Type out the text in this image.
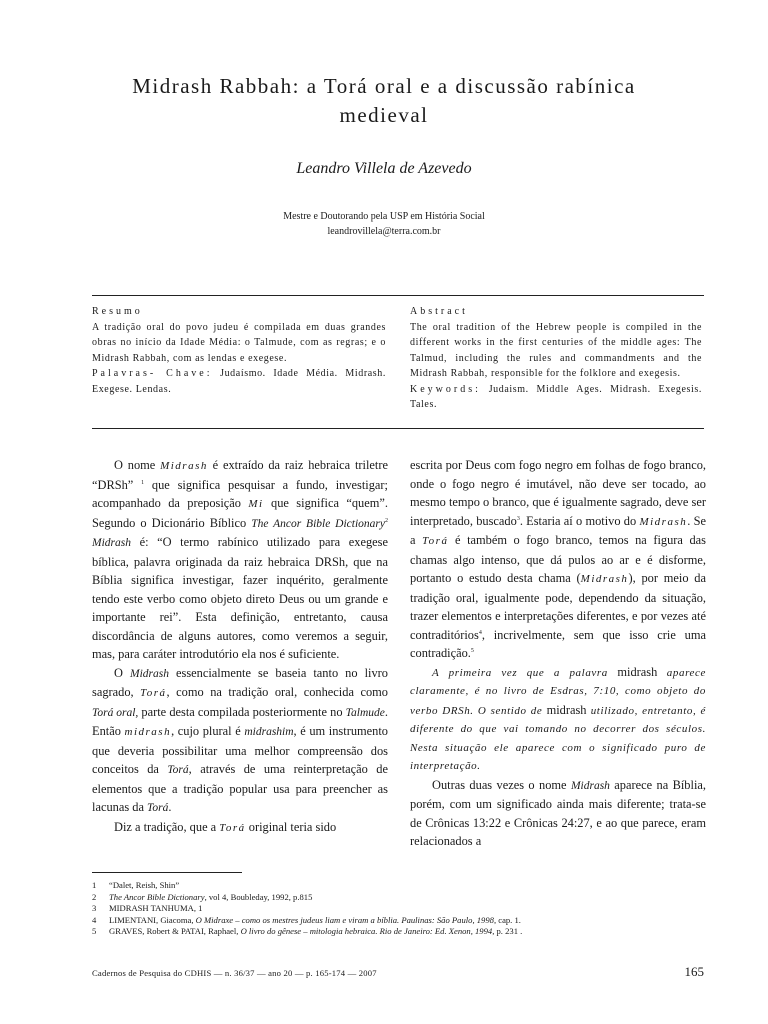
Midrash Rabbah: a Torá oral e a discussão rabínica medieval
Leandro Villela de Azevedo
Mestre e Doutorando pela USP em História Social
leandrovillela@terra.com.br
Resumo
A tradição oral do povo judeu é compilada em duas grandes obras no início da Idade Média: o Talmude, com as regras; e o Midrash Rabbah, com as lendas e exegese.
Palavras- Chave: Judaísmo. Idade Média. Midrash. Exegese. Lendas.
Abstract
The oral tradition of the Hebrew people is compiled in the different works in the first centuries of the middle ages: The Talmud, including the rules and commandments and the Midrash Rabbah, responsible for the folklore and exegesis.
Keywords: Judaism. Middle Ages. Midrash. Exegesis. Tales.

O nome Midrash é extraído da raiz hebraica triletre “DRSh” $^1$ que significa pesquisar a fundo, investigar; acompanhado da preposição Mi que significa “quem”. Segundo o Dicionário Bíblico The Ancor Bible Dictionary$^2$ Midrash é: “O termo rabínico utilizado para exegese bíblica, palavra originada da raiz hebraica DRSh, que na Bíblia significa investigar, fazer inquérito, geralmente tendo este verbo como objeto direto Deus ou um grande e importante rei”. Esta definição, entretanto, causa discordância de alguns autores, como veremos a seguir, mas, para caráter introdutório ela nos é suficiente.

O Midrash essencialmente se baseia tanto no livro sagrado, Torá, como na tradição oral, conhecida como Torá oral, parte desta compilada posteriormente no Talmude. Então midrash, cujo plural é midrashim, é um instrumento que deveria possibilitar uma melhor compreensão dos conceitos da Torá, através de uma reinterpretação de elementos que a tradição popular usa para preencher as lacunas da Torá.

Diz a tradição, que a Torá original teria sido

escrita por Deus com fogo negro em folhas de fogo branco, onde o fogo negro é imutável, não deve ser tocado, ao mesmo tempo o branco, que é igualmente sagrado, deve ser interpretado, buscado$^3$. Estaria aí o motivo do Midrash. Se a Torá é também o fogo branco, temos na figura das chamas algo intenso, que dá pulos ao ar e é disforme, portanto o estudo desta chama (Midrash), por meio da tradição oral, igualmente pode, dependendo da situação, trazer elementos e interpretações diferentes, e por vezes até contraditórios$^4$, incrivelmente, sem que isso crie uma contradição.$^5$

A primeira vez que a palavra midrash aparece claramente, é no livro de Esdras, 7:10, como objeto do verbo DRSh. O sentido de midrash utilizado, entretanto, é diferente do que vai tomando no decorrer dos séculos. Nesta situação ele aparece com o significado puro de interpretação.

Outras duas vezes o nome Midrash aparece na Bíblia, porém, com um significado ainda mais diferente; trata-se de Crônicas 13:22 e Crônicas 24:27, e ao que parece, eram relacionados a

1	“Dalet, Reish, Shin”
2	The Ancor Bible Dictionary, vol 4, Boubleday, 1992, p.815
3	MIDRASH TANHUMA, 1
4	LIMENTANI, Giacoma, O Midraxe – como os mestres judeus liam e viram a bíblia. Paulinas: São Paulo, 1998, cap. 1.
5	GRAVES, Robert & PATAI, Raphael, O livro do gênese – mitologia hebraica. Rio de Janeiro: Ed. Xenon, 1994, p. 231 .
Cadernos de Pesquisa do CDHIS — n. 36/37 — ano 20 — p. 165-174 — 2007	165
